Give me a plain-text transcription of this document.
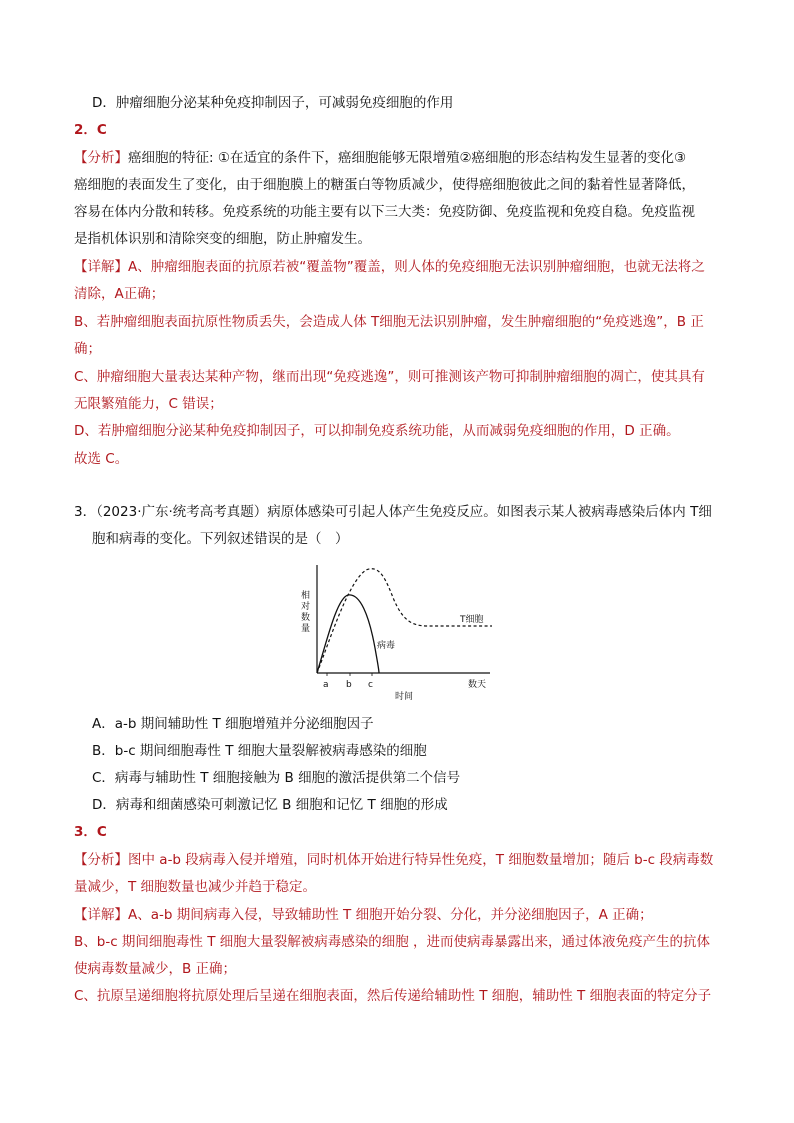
D．肿瘤细胞分泌某种免疫抑制因子，可减弱免疫细胞的作用
2．C
【分析】癌细胞的特征: ①在适宜的条件下，癌细胞能够无限增殖②癌细胞的形态结构发生显著的变化③
癌细胞的表面发生了变化，由于细胞膜上的糖蛋白等物质减少，使得癌细胞彼此之间的黏着性显著降低，
容易在体内分散和转移。免疫系统的功能主要有以下三大类：免疫防御、免疫监视和免疫自稳。免疫监视
是指机体识别和清除突变的细胞，防止肿瘤发生。
【详解】A、肿瘤细胞表面的抗原若被“覆盖物”覆盖，则人体的免疫细胞无法识别肿瘤细胞，也就无法将之
清除，A正确；
B、若肿瘤细胞表面抗原性物质丢失，会造成人体 T细胞无法识别肿瘤，发生肿瘤细胞的“免疫逃逸”，B 正
确；
C、肿瘤细胞大量表达某种产物，继而出现“免疫逃逸”，则可推测该产物可抑制肿瘤细胞的凋亡，使其具有
无限繁殖能力，C 错误；
D、若肿瘤细胞分泌某种免疫抑制因子，可以抑制免疫系统功能，从而减弱免疫细胞的作用，D 正确。
故选 C。
3．（2023·广东·统考高考真题）病原体感染可引起人体产生免疫反应。如图表示某人被病毒感染后体内 T细
胞和病毒的变化。下列叙述错误的是（　）
a b c
时间
数天
T细胞
病毒
相 对 数 量
A．a-b 期间辅助性 T 细胞增殖并分泌细胞因子
B．b-c 期间细胞毒性 T 细胞大量裂解被病毒感染的细胞
C．病毒与辅助性 T 细胞接触为 B 细胞的激活提供第二个信号
D．病毒和细菌感染可刺激记忆 B 细胞和记忆 T 细胞的形成
3．C
【分析】图中 a-b 段病毒入侵并增殖，同时机体开始进行特异性免疫，T 细胞数量增加；随后 b-c 段病毒数
量减少，T 细胞数量也减少并趋于稳定。
【详解】A、a-b 期间病毒入侵，导致辅助性 T 细胞开始分裂、分化，并分泌细胞因子，A 正确；
B、b-c 期间细胞毒性 T 细胞大量裂解被病毒感染的细胞 ，进而使病毒暴露出来，通过体液免疫产生的抗体
使病毒数量减少，B 正确；
C、抗原呈递细胞将抗原处理后呈递在细胞表面，然后传递给辅助性 T 细胞，辅助性 T 细胞表面的特定分子
